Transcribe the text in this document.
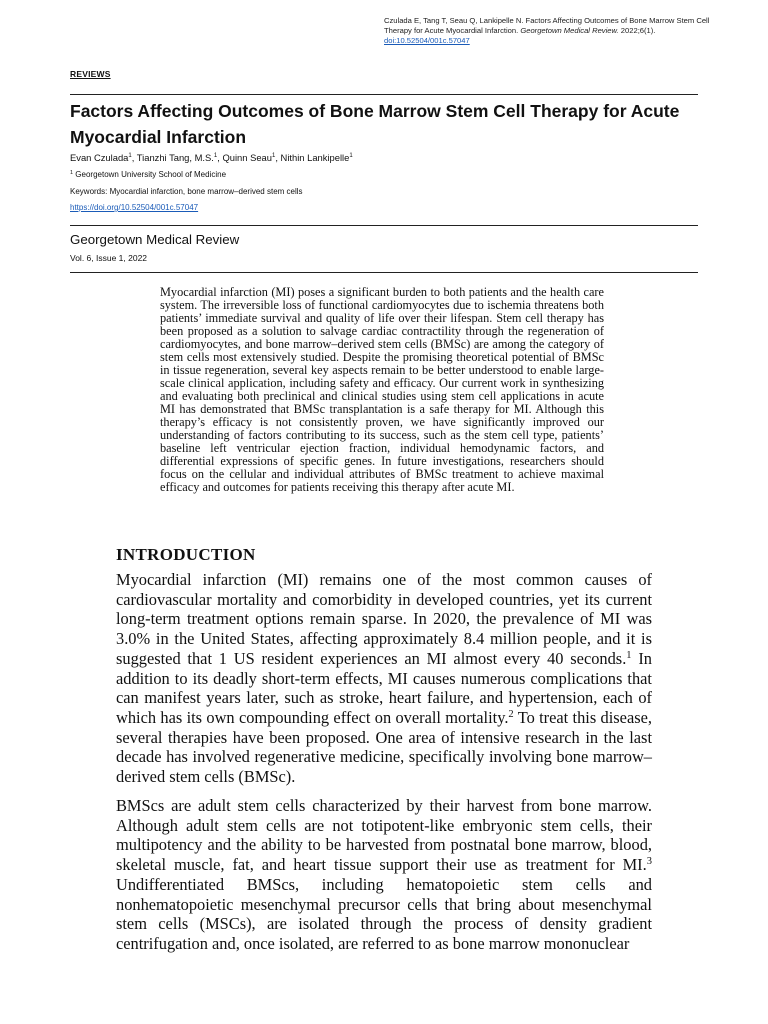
Czulada E, Tang T, Seau Q, Lankipelle N. Factors Affecting Outcomes of Bone Marrow Stem Cell Therapy for Acute Myocardial Infarction. Georgetown Medical Review. 2022;6(1). doi:10.52504/001c.57047
REVIEWS
Factors Affecting Outcomes of Bone Marrow Stem Cell Therapy for Acute Myocardial Infarction
Evan Czulada$^1$, Tianzhi Tang, M.S.$^1$, Quinn Seau$^1$, Nithin Lankipelle$^1$
$^1$ Georgetown University School of Medicine
Keywords: Myocardial infarction, bone marrow–derived stem cells
https://doi.org/10.52504/001c.57047
Georgetown Medical Review
Vol. 6, Issue 1, 2022

Myocardial infarction (MI) poses a significant burden to both patients and the health care system. The irreversible loss of functional cardiomyocytes due to ischemia threatens both patients’ immediate survival and quality of life over their lifespan. Stem cell therapy has been proposed as a solution to salvage cardiac contractility through the regeneration of cardiomyocytes, and bone marrow–derived stem cells (BMSc) are among the category of stem cells most extensively studied. Despite the promising theoretical potential of BMSc in tissue regeneration, several key aspects remain to be better understood to enable large-scale clinical application, including safety and efficacy. Our current work in synthesizing and evaluating both preclinical and clinical studies using stem cell applications in acute MI has demonstrated that BMSc transplantation is a safe therapy for MI. Although this therapy’s efficacy is not consistently proven, we have significantly improved our understanding of factors contributing to its success, such as the stem cell type, patients’ baseline left ventricular ejection fraction, individual hemodynamic factors, and differential expressions of specific genes. In future investigations, researchers should focus on the cellular and individual attributes of BMSc treatment to achieve maximal efficacy and outcomes for patients receiving this therapy after acute MI.

INTRODUCTION

Myocardial infarction (MI) remains one of the most common causes of cardiovascular mortality and comorbidity in developed countries, yet its current long-term treatment options remain sparse. In 2020, the prevalence of MI was 3.0% in the United States, affecting approximately 8.4 million people, and it is suggested that 1 US resident experiences an MI almost every 40 seconds.$^1$ In addition to its deadly short-term effects, MI causes numerous complications that can manifest years later, such as stroke, heart failure, and hypertension, each of which has its own compounding effect on overall mortality.$^2$ To treat this disease, several therapies have been proposed. One area of intensive research in the last decade has involved regenerative medicine, specifically involving bone marrow–derived stem cells (BMSc).

BMScs are adult stem cells characterized by their harvest from bone marrow. Although adult stem cells are not totipotent-like embryonic stem cells, their multipotency and the ability to be harvested from postnatal bone marrow, blood, skeletal muscle, fat, and heart tissue support their use as treatment for MI.$^3$ Undifferentiated BMScs, including hematopoietic stem cells and nonhematopoietic mesenchymal precursor cells that bring about mesenchymal stem cells (MSCs), are isolated through the process of density gradient centrifugation and, once isolated, are referred to as bone marrow mononuclear
